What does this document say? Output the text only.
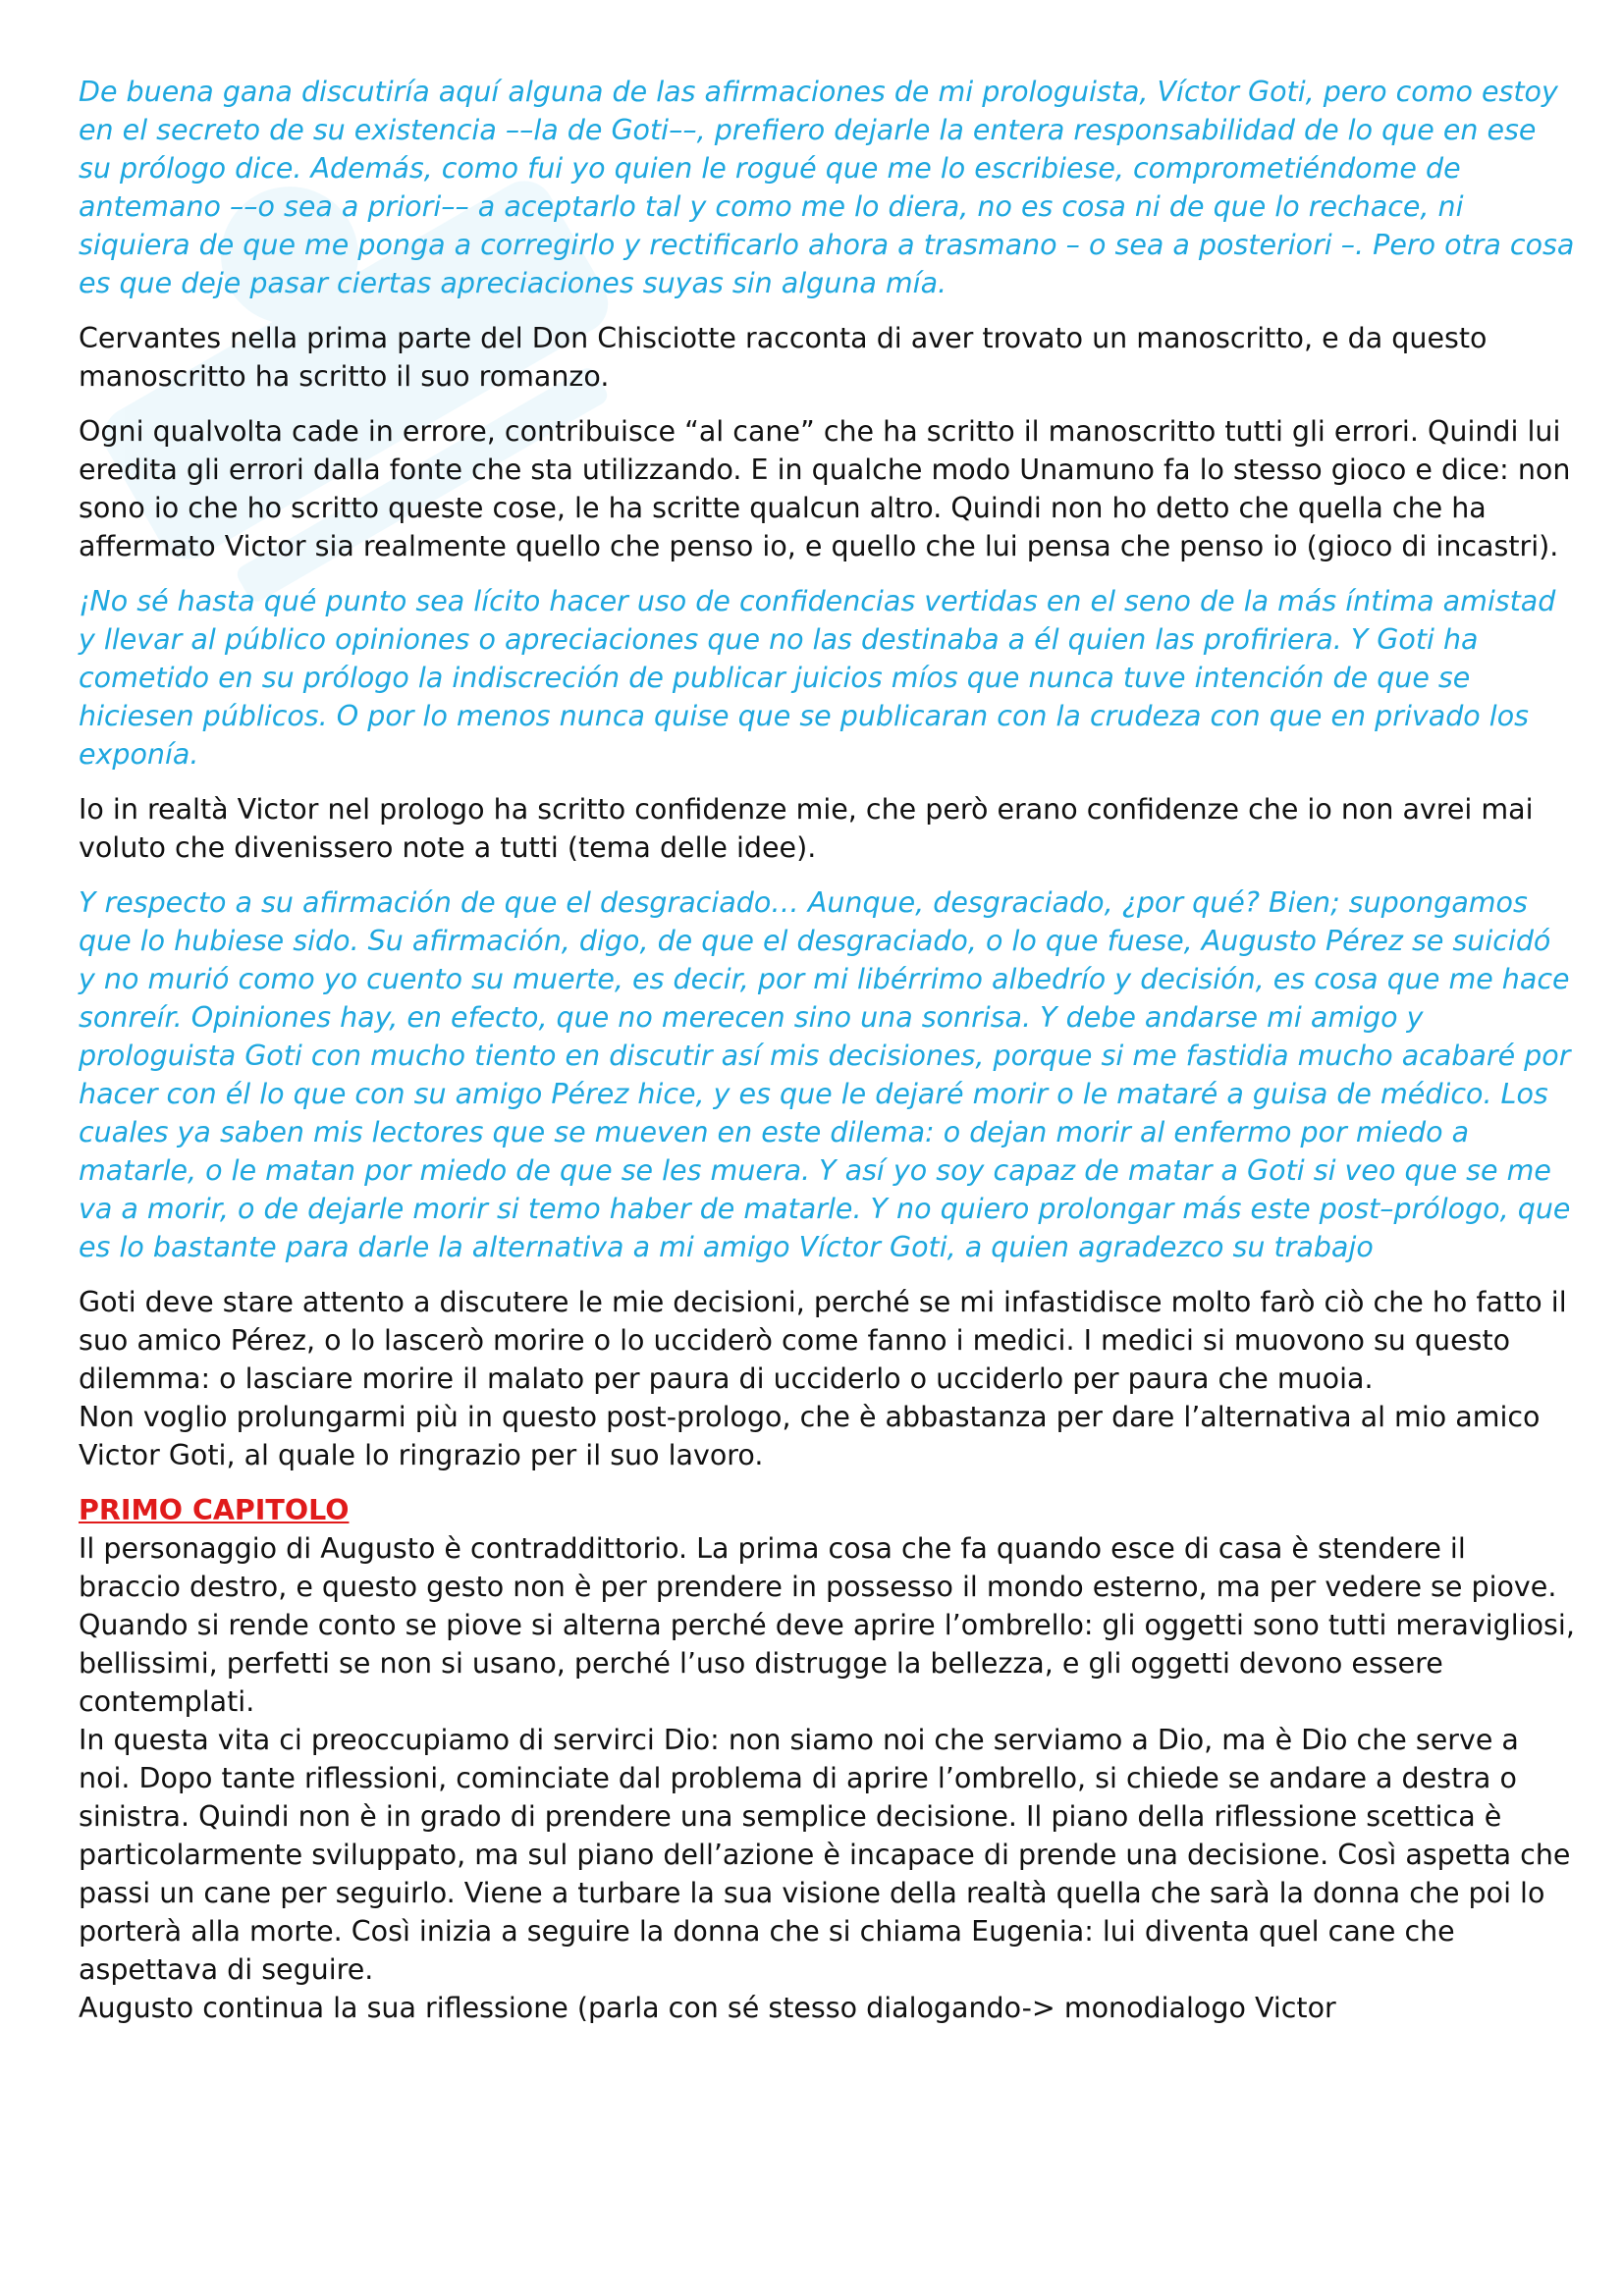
De buena gana discutiría aquí alguna de las afirmaciones de mi prologuista, Víctor Goti, pero como estoy en el secreto de su existencia ––la de Goti––, prefiero dejarle la entera responsabilidad de lo que en ese su prólogo dice. Además, como fui yo quien le rogué que me lo escribiese, comprometiéndome de antemano ––o sea a priori–– a aceptarlo tal y como me lo diera, no es cosa ni de que lo rechace, ni siquiera de que me ponga a corregirlo y rectificarlo ahora a trasmano – o sea a posteriori –. Pero otra cosa es que deje pasar ciertas apreciaciones suyas sin alguna mía.

Cervantes nella prima parte del Don Chisciotte racconta di aver trovato un manoscritto, e da questo manoscritto ha scritto il suo romanzo.

Ogni qualvolta cade in errore, contribuisce “al cane” che ha scritto il manoscritto tutti gli errori. Quindi lui eredita gli errori dalla fonte che sta utilizzando. E in qualche modo Unamuno fa lo stesso gioco e dice: non sono io che ho scritto queste cose, le ha scritte qualcun altro. Quindi non ho detto che quella che ha affermato Victor sia realmente quello che penso io, e quello che lui pensa che penso io (gioco di incastri).

¡No sé hasta qué punto sea lícito hacer uso de confidencias vertidas en el seno de la más íntima amistad y llevar al público opiniones o apreciaciones que no las destinaba a él quien las profiriera. Y Goti ha cometido en su prólogo la indiscreción de publicar juicios míos que nunca tuve intención de que se hiciesen públicos. O por lo menos nunca quise que se publicaran con la crudeza con que en privado los exponía.

Io in realtà Victor nel prologo ha scritto confidenze mie, che però erano confidenze che io non avrei mai voluto che divenissero note a tutti (tema delle idee).

Y respecto a su afirmación de que el desgraciado… Aunque, desgraciado, ¿por qué? Bien; supongamos que lo hubiese sido. Su afirmación, digo, de que el desgraciado, o lo que fuese, Augusto Pérez se suicidó y no murió como yo cuento su muerte, es decir, por mi libérrimo albedrío y decisión, es cosa que me hace sonreír. Opiniones hay, en efecto, que no merecen sino una sonrisa. Y debe andarse mi amigo y prologuista Goti con mucho tiento en discutir así mis decisiones, porque si me fastidia mucho acabaré por hacer con él lo que con su amigo Pérez hice, y es que le dejaré morir o le mataré a guisa de médico. Los cuales ya saben mis lectores que se mueven en este dilema: o dejan morir al enfermo por miedo a matarle, o le matan por miedo de que se les muera. Y así yo soy capaz de matar a Goti si veo que se me va a morir, o de dejarle morir si temo haber de matarle. Y no quiero prolongar más este post–prólogo, que es lo bastante para darle la alternativa a mi amigo Víctor Goti, a quien agradezco su trabajo

Goti deve stare attento a discutere le mie decisioni, perché se mi infastidisce molto farò ciò che ho fatto il suo amico Pérez, o lo lascerò morire o lo ucciderò come fanno i medici. I medici si muovono su questo dilemma: o lasciare morire il malato per paura di ucciderlo o ucciderlo per paura che muoia.

Non voglio prolungarmi più in questo post-prologo, che è abbastanza per dare l’alternativa al mio amico Victor Goti, al quale lo ringrazio per il suo lavoro.

PRIMO CAPITOLO

Il personaggio di Augusto è contraddittorio. La prima cosa che fa quando esce di casa è stendere il braccio destro, e questo gesto non è per prendere in possesso il mondo esterno, ma per vedere se piove. Quando si rende conto se piove si alterna perché deve aprire l’ombrello: gli oggetti sono tutti meravigliosi, bellissimi, perfetti se non si usano, perché l’uso distrugge la bellezza, e gli oggetti devono essere contemplati.

In questa vita ci preoccupiamo di servirci Dio: non siamo noi che serviamo a Dio, ma è Dio che serve a noi. Dopo tante riflessioni, cominciate dal problema di aprire l’ombrello, si chiede se andare a destra o sinistra. Quindi non è in grado di prendere una semplice decisione. Il piano della riflessione scettica è particolarmente sviluppato, ma sul piano dell’azione è incapace di prende una decisione. Così aspetta che passi un cane per seguirlo. Viene a turbare la sua visione della realtà quella che sarà la donna che poi lo porterà alla morte. Così inizia a seguire la donna che si chiama Eugenia: lui diventa quel cane che aspettava di seguire.

Augusto continua la sua riflessione (parla con sé stesso dialogando-> monodialogo Victor
